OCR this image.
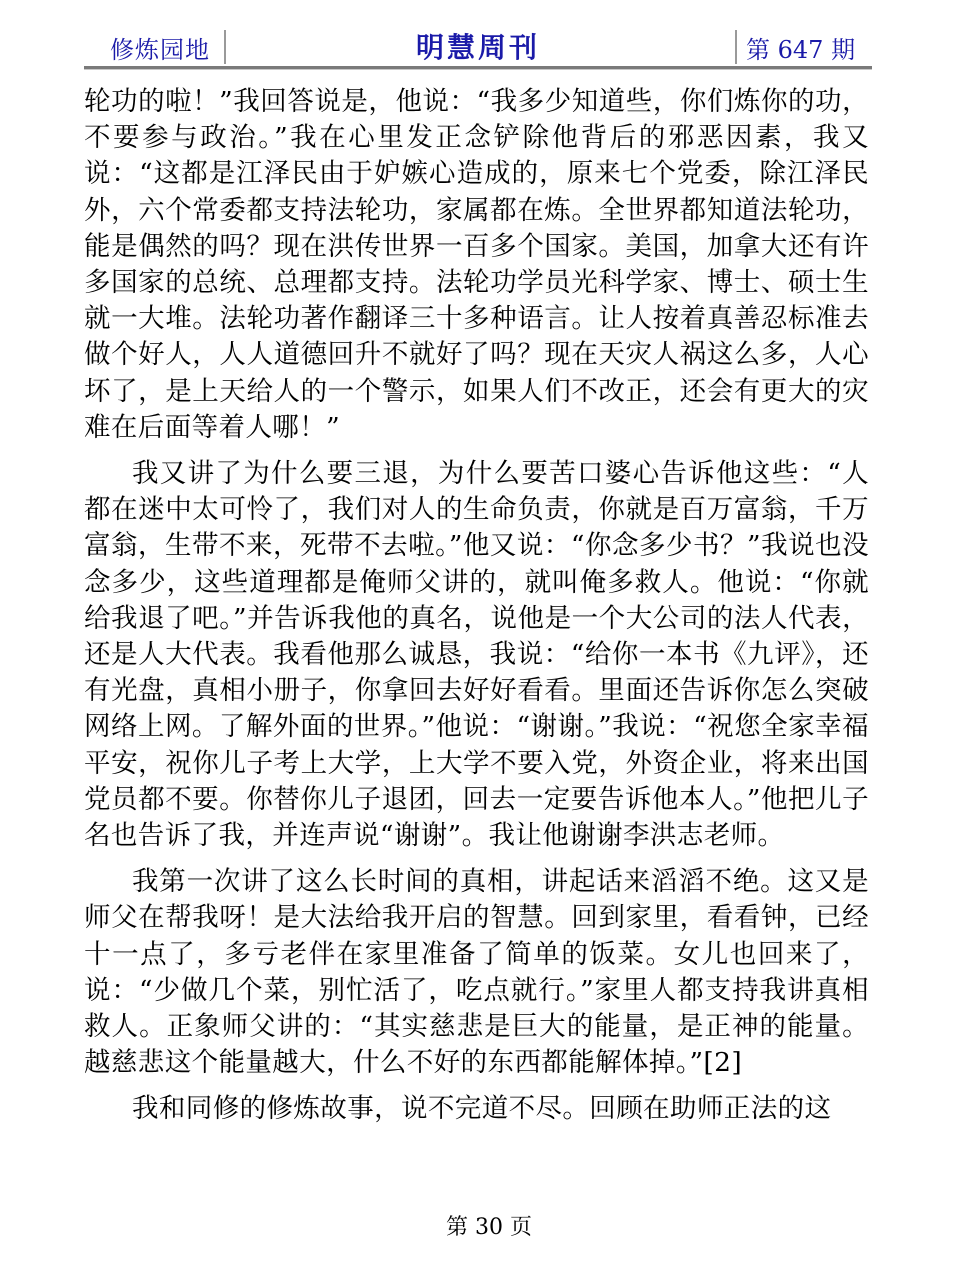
修炼园地	明慧周刊	第 647 期

轮功的啦！”我回答说是，他说：“我多少知道些，你们炼你的功，不要参与政治。”我在心里发正念铲除他背后的邪恶因素，我又说：“这都是江泽民由于妒嫉心造成的，原来七个党委，除江泽民外，六个常委都支持法轮功，家属都在炼。全世界都知道法轮功，能是偶然的吗？现在洪传世界一百多个国家。美国，加拿大还有许多国家的总统、总理都支持。法轮功学员光科学家、博士、硕士生就一大堆。法轮功著作翻译三十多种语言。让人按着真善忍标准去做个好人，人人道德回升不就好了吗？现在天灾人祸这么多，人心坏了，是上天给人的一个警示，如果人们不改正，还会有更大的灾难在后面等着人哪！”

我又讲了为什么要三退，为什么要苦口婆心告诉他这些：“人都在迷中太可怜了，我们对人的生命负责，你就是百万富翁，千万富翁，生带不来，死带不去啦。”他又说：“你念多少书？”我说也没念多少，这些道理都是俺师父讲的，就叫俺多救人。他说：“你就给我退了吧。”并告诉我他的真名，说他是一个大公司的法人代表，还是人大代表。我看他那么诚恳，我说：“给你一本书《九评》，还有光盘，真相小册子，你拿回去好好看看。里面还告诉你怎么突破网络上网。了解外面的世界。”他说：“谢谢。”我说：“祝您全家幸福平安，祝你儿子考上大学，上大学不要入党，外资企业，将来出国党员都不要。你替你儿子退团，回去一定要告诉他本人。”他把儿子名也告诉了我，并连声说“谢谢”。我让他谢谢李洪志老师。

我第一次讲了这么长时间的真相，讲起话来滔滔不绝。这又是师父在帮我呀！是大法给我开启的智慧。回到家里，看看钟，已经十一点了，多亏老伴在家里准备了简单的饭菜。女儿也回来了，说：“少做几个菜，别忙活了，吃点就行。”家里人都支持我讲真相救人。正象师父讲的：“其实慈悲是巨大的能量，是正神的能量。越慈悲这个能量越大，什么不好的东西都能解体掉。”[2]

我和同修的修炼故事，说不完道不尽。回顾在助师正法的这

第 30 页
